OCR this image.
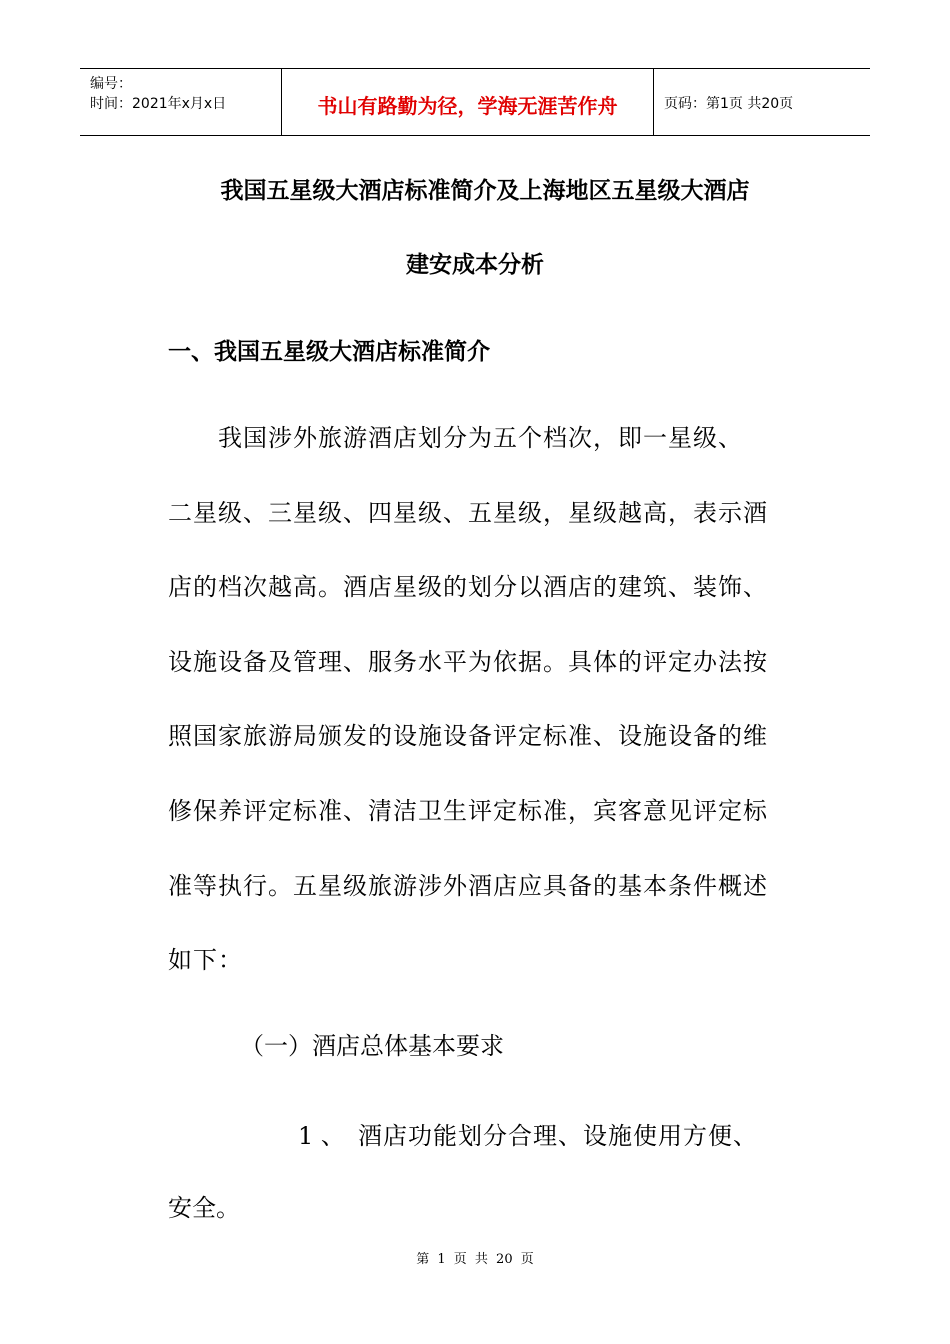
编号：
时间：2021年x月x日	书山有路勤为径，学海无涯苦作舟	页码：第1页 共20页
我国五星级大酒店标准简介及上海地区五星级大酒店
建安成本分析
一、我国五星级大酒店标准简介
　　我国涉外旅游酒店划分为五个档次，即一星级、
二星级、三星级、四星级、五星级，星级越高，表示酒
店的档次越高。酒店星级的划分以酒店的建筑、装饰、
设施设备及管理、服务水平为依据。具体的评定办法按
照国家旅游局颁发的设施设备评定标准、设施设备的维
修保养评定标准、清洁卫生评定标准，宾客意见评定标
准等执行。五星级旅游涉外酒店应具备的基本条件概述
如下：
（一）酒店总体基本要求
1 、 酒店功能划分合理、设施使用方便、
安全。
第 1 页 共 20 页
